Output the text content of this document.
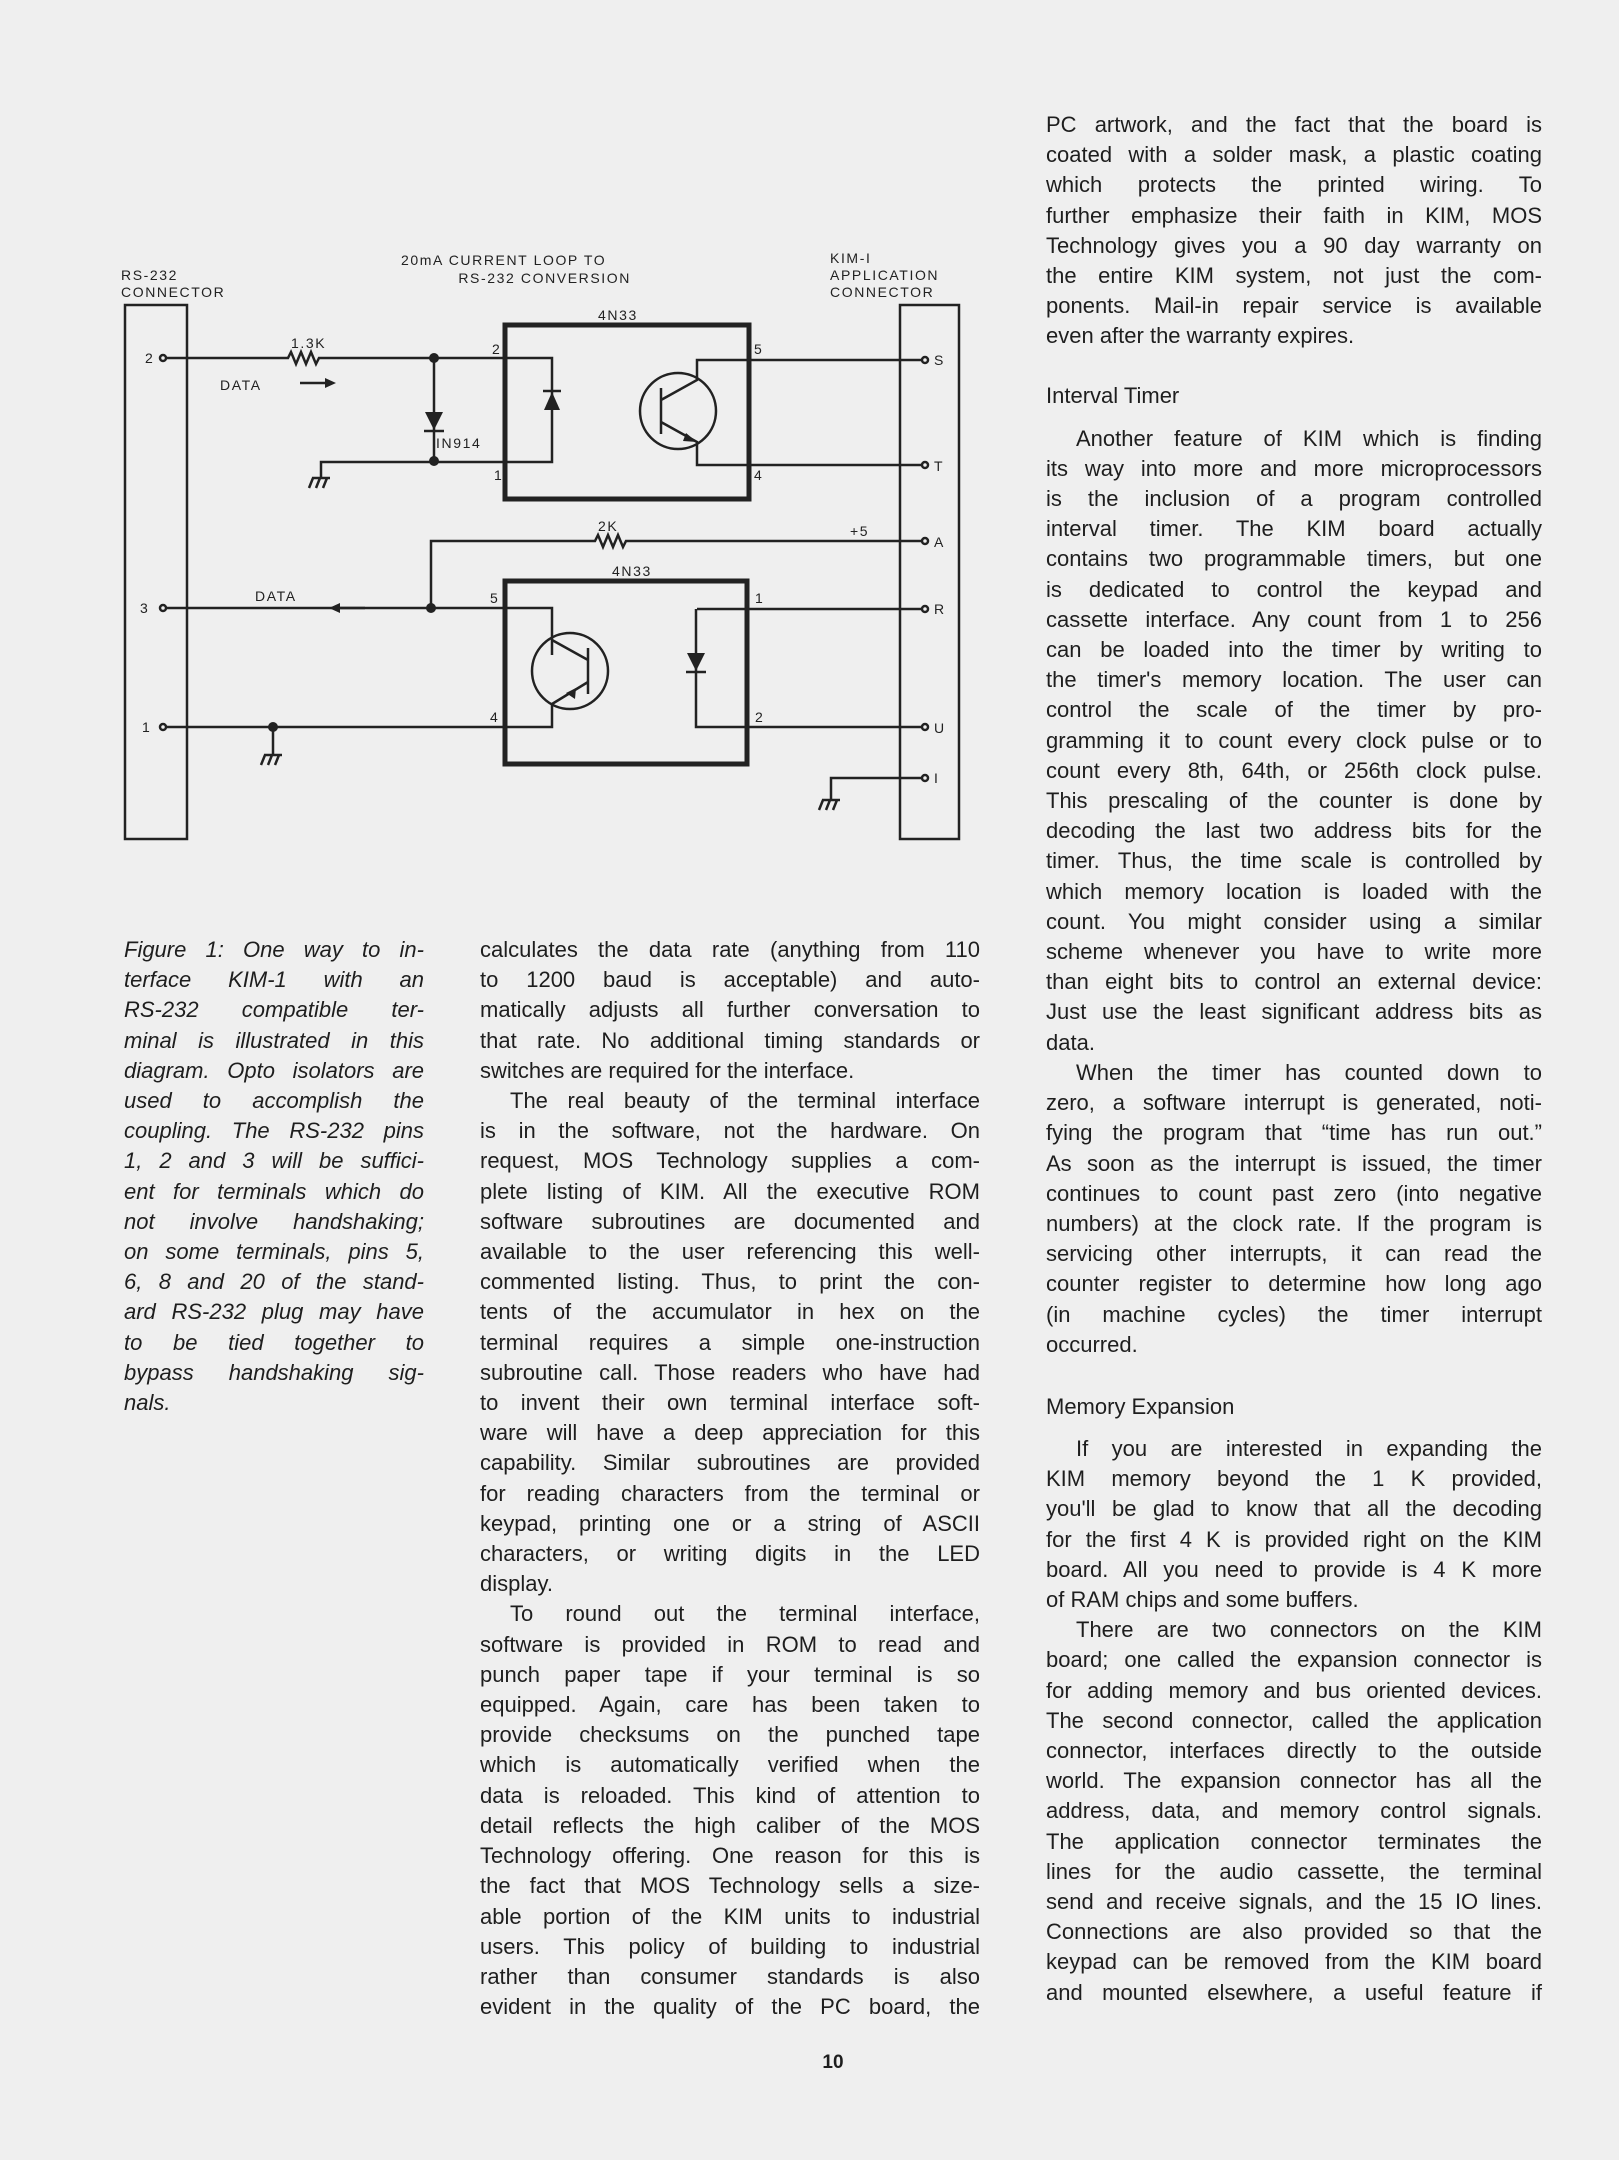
20mA CURRENT LOOP TO
RS-232 CONVERSION
RS-232
CONNECTOR
KIM-I
APPLICATION
CONNECTOR
4N33
4N33
1.3K
2K
IN914
DATA
DATA
+5
2
3
1
S
T
A
R
U
I
2
1
5
4
5
4
1
2
Figure 1: One way to in-
terface KIM-1 with an
RS-232 compatible ter-
minal is illustrated in this
diagram. Opto isolators are
used to accomplish the
coupling. The RS-232 pins
1, 2 and 3 will be suffici-
ent for terminals which do
not involve handshaking;
on some terminals, pins 5,
6, 8 and 20 of the stand-
ard RS-232 plug may have
to be tied together to
bypass handshaking sig-
nals.
calculates the data rate (anything from 110
to 1200 baud is acceptable) and auto-
matically adjusts all further conversation to
that rate. No additional timing standards or
switches are required for the interface.
The real beauty of the terminal interface
is in the software, not the hardware. On
request, MOS Technology supplies a com-
plete listing of KIM. All the executive ROM
software subroutines are documented and
available to the user referencing this well-
commented listing. Thus, to print the con-
tents of the accumulator in hex on the
terminal requires a simple one-instruction
subroutine call. Those readers who have had
to invent their own terminal interface soft-
ware will have a deep appreciation for this
capability. Similar subroutines are provided
for reading characters from the terminal or
keypad, printing one or a string of ASCII
characters, or writing digits in the LED
display.
To round out the terminal interface,
software is provided in ROM to read and
punch paper tape if your terminal is so
equipped. Again, care has been taken to
provide checksums on the punched tape
which is automatically verified when the
data is reloaded. This kind of attention to
detail reflects the high caliber of the MOS
Technology offering. One reason for this is
the fact that MOS Technology sells a size-
able portion of the KIM units to industrial
users. This policy of building to industrial
rather than consumer standards is also
evident in the quality of the PC board, the
PC artwork, and the fact that the board is
coated with a solder mask, a plastic coating
which protects the printed wiring. To
further emphasize their faith in KIM, MOS
Technology gives you a 90 day warranty on
the entire KIM system, not just the com-
ponents. Mail-in repair service is available
even after the warranty expires.
Interval Timer
Another feature of KIM which is finding
its way into more and more microprocessors
is the inclusion of a program controlled
interval timer. The KIM board actually
contains two programmable timers, but one
is dedicated to control the keypad and
cassette interface. Any count from 1 to 256
can be loaded into the timer by writing to
the timer's memory location. The user can
control the scale of the timer by pro-
gramming it to count every clock pulse or to
count every 8th, 64th, or 256th clock pulse.
This prescaling of the counter is done by
decoding the last two address bits for the
timer. Thus, the time scale is controlled by
which memory location is loaded with the
count. You might consider using a similar
scheme whenever you have to write more
than eight bits to control an external device:
Just use the least significant address bits as
data.
When the timer has counted down to
zero, a software interrupt is generated, noti-
fying the program that “time has run out.”
As soon as the interrupt is issued, the timer
continues to count past zero (into negative
numbers) at the clock rate. If the program is
servicing other interrupts, it can read the
counter register to determine how long ago
(in machine cycles) the timer interrupt
occurred.
Memory Expansion
If you are interested in expanding the
KIM memory beyond the 1 K provided,
you'll be glad to know that all the decoding
for the first 4 K is provided right on the KIM
board. All you need to provide is 4 K more
of RAM chips and some buffers.
There are two connectors on the KIM
board; one called the expansion connector is
for adding memory and bus oriented devices.
The second connector, called the application
connector, interfaces directly to the outside
world. The expansion connector has all the
address, data, and memory control signals.
The application connector terminates the
lines for the audio cassette, the terminal
send and receive signals, and the 15 IO lines.
Connections are also provided so that the
keypad can be removed from the KIM board
and mounted elsewhere, a useful feature if
10
